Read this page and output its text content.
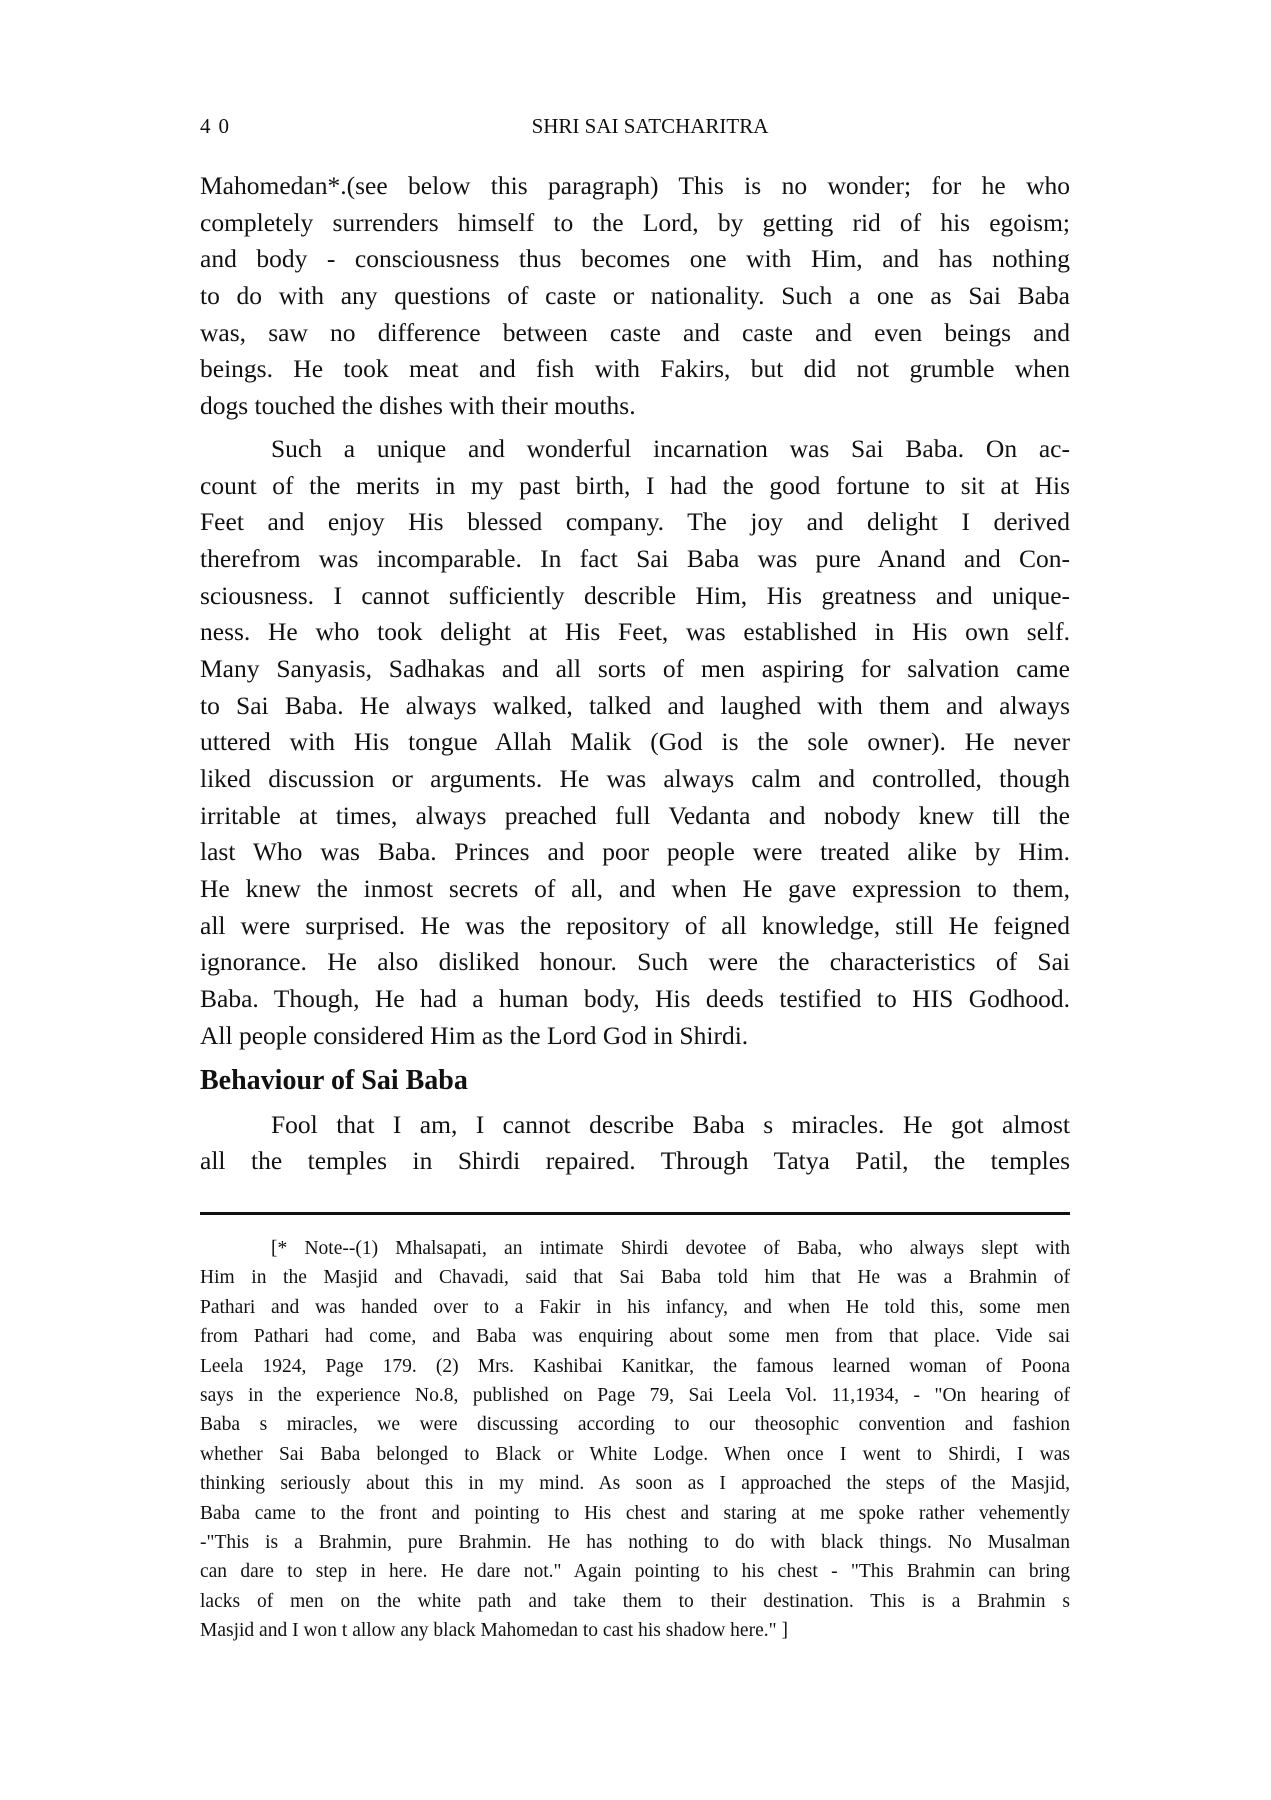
40	SHRI SAI SATCHARITRA
Mahomedan*.(see below this paragraph) This is no wonder; for he who
completely surrenders himself to the Lord, by getting rid of his egoism;
and body - consciousness thus becomes one with Him, and has nothing
to do with any questions of caste or nationality. Such a one as Sai Baba
was, saw no difference between caste and caste and even beings and
beings. He took meat and fish with Fakirs, but did not grumble when
dogs touched the dishes with their mouths.
Such a unique and wonderful incarnation was Sai Baba. On ac-
count of the merits in my past birth, I had the good fortune to sit at His
Feet and enjoy His blessed company. The joy and delight I derived
therefrom was incomparable. In fact Sai Baba was pure Anand and Con-
sciousness. I cannot sufficiently describle Him, His greatness and unique-
ness. He who took delight at His Feet, was established in His own self.
Many Sanyasis, Sadhakas and all sorts of men aspiring for salvation came
to Sai Baba. He always walked, talked and laughed with them and always
uttered with His tongue Allah Malik (God is the sole owner). He never
liked discussion or arguments. He was always calm and controlled, though
irritable at times, always preached full Vedanta and nobody knew till the
last Who was Baba. Princes and poor people were treated alike by Him.
He knew the inmost secrets of all, and when He gave expression to them,
all were surprised. He was the repository of all knowledge, still He feigned
ignorance. He also disliked honour. Such were the characteristics of Sai
Baba. Though, He had a human body, His deeds testified to HIS Godhood.
All people considered Him as the Lord God in Shirdi.
Behaviour of Sai Baba
Fool that I am, I cannot describe Baba s miracles. He got almost
all the temples in Shirdi repaired. Through Tatya Patil, the temples
[* Note--(1) Mhalsapati, an intimate Shirdi devotee of Baba, who always slept with
Him in the Masjid and Chavadi, said that Sai Baba told him that He was a Brahmin of
Pathari and was handed over to a Fakir in his infancy, and when He told this, some men
from Pathari had come, and Baba was enquiring about some men from that place. Vide sai
Leela 1924, Page 179. (2) Mrs. Kashibai Kanitkar, the famous learned woman of Poona
says in the experience No.8, published on Page 79, Sai Leela Vol. 11,1934, - "On hearing of
Baba s miracles, we were discussing according to our theosophic convention and fashion
whether Sai Baba belonged to Black or White Lodge. When once I went to Shirdi, I was
thinking seriously about this in my mind. As soon as I approached the steps of the Masjid,
Baba came to the front and pointing to His chest and staring at me spoke rather vehemently
-"This is a Brahmin, pure Brahmin. He has nothing to do with black things. No Musalman
can dare to step in here. He dare not." Again pointing to his chest - "This Brahmin can bring
lacks of men on the white path and take them to their destination. This is a Brahmin s
Masjid and I won t allow any black Mahomedan to cast his shadow here." ]
